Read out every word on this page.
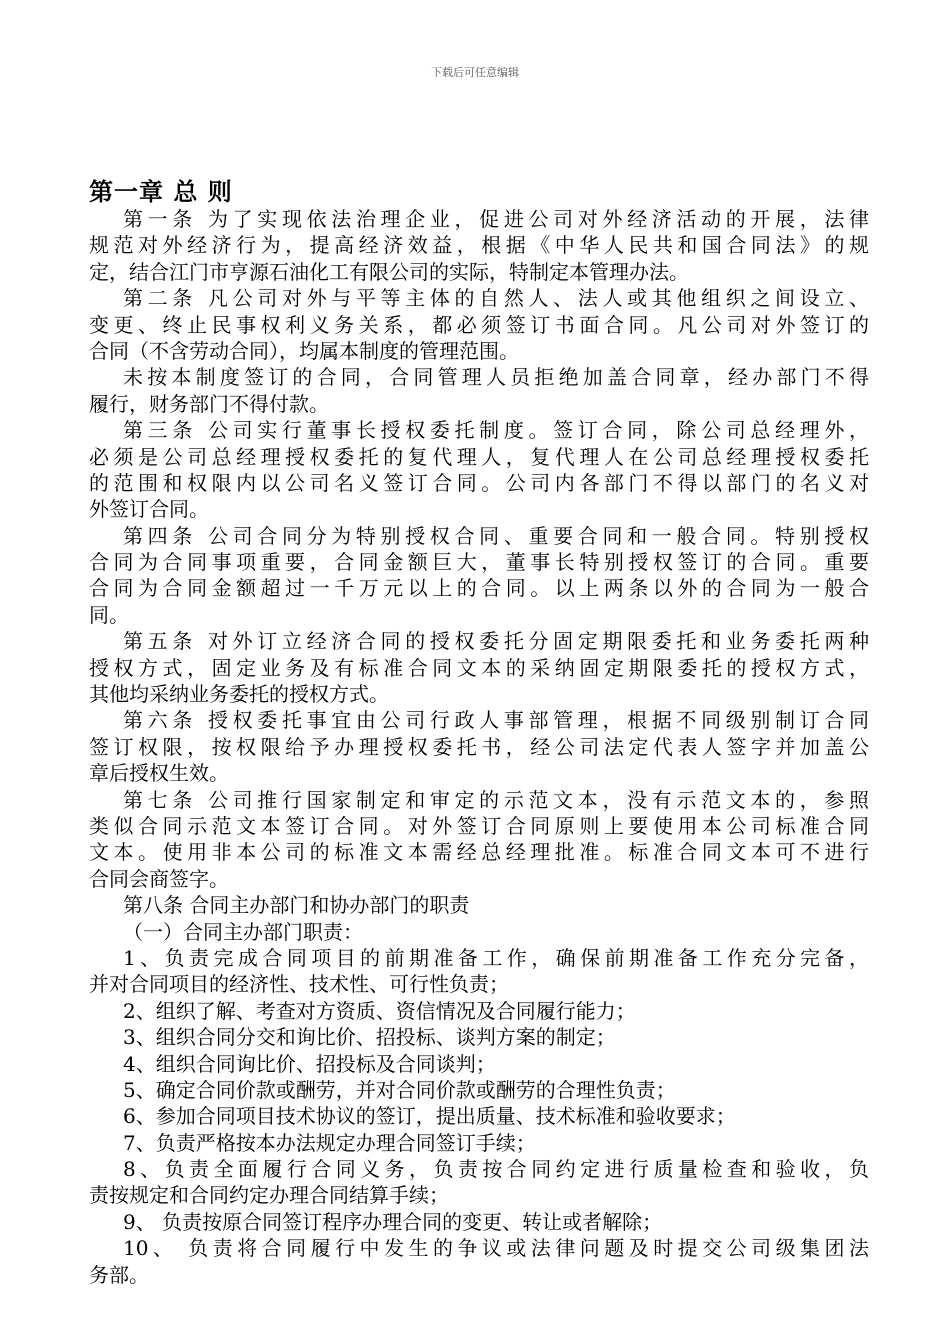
下载后可任意编辑
第一章 总 则
第一条 为了实现依法治理企业，促进公司对外经济活动的开展，法律
规范对外经济行为，提高经济效益，根据《中华人民共和国合同法》的规
定，结合江门市亨源石油化工有限公司的实际，特制定本管理办法。
第二条 凡公司对外与平等主体的自然人、法人或其他组织之间设立、
变更、终止民事权利义务关系，都必须签订书面合同。凡公司对外签订的
合同（不含劳动合同），均属本制度的管理范围。
未按本制度签订的合同，合同管理人员拒绝加盖合同章，经办部门不得
履行，财务部门不得付款。
第三条 公司实行董事长授权委托制度。签订合同，除公司总经理外，
必须是公司总经理授权委托的复代理人，复代理人在公司总经理授权委托
的范围和权限内以公司名义签订合同。公司内各部门不得以部门的名义对
外签订合同。
第四条 公司合同分为特别授权合同、重要合同和一般合同。特别授权
合同为合同事项重要，合同金额巨大，董事长特别授权签订的合同。重要
合同为合同金额超过一千万元以上的合同。以上两条以外的合同为一般合
同。
第五条 对外订立经济合同的授权委托分固定期限委托和业务委托两种
授权方式，固定业务及有标准合同文本的采纳固定期限委托的授权方式，
其他均采纳业务委托的授权方式。
第六条 授权委托事宜由公司行政人事部管理，根据不同级别制订合同
签订权限，按权限给予办理授权委托书，经公司法定代表人签字并加盖公
章后授权生效。
第七条 公司推行国家制定和审定的示范文本，没有示范文本的，参照
类似合同示范文本签订合同。对外签订合同原则上要使用本公司标准合同
文本。使用非本公司的标准文本需经总经理批准。标准合同文本可不进行
合同会商签字。
第八条 合同主办部门和协办部门的职责
（一）合同主办部门职责：
1、负责完成合同项目的前期准备工作，确保前期准备工作充分完备，
并对合同项目的经济性、技术性、可行性负责；
2、组织了解、考查对方资质、资信情况及合同履行能力；
3、组织合同分交和询比价、招投标、谈判方案的制定；
4、组织合同询比价、招投标及合同谈判；
5、确定合同价款或酬劳，并对合同价款或酬劳的合理性负责；
6、参加合同项目技术协议的签订，提出质量、技术标准和验收要求；
7、负责严格按本办法规定办理合同签订手续；
8、负责全面履行合同义务，负责按合同约定进行质量检查和验收，负
责按规定和合同约定办理合同结算手续；
9、 负责按原合同签订程序办理合同的变更、转让或者解除；
10、 负责将合同履行中发生的争议或法律问题及时提交公司级集团法
务部。
